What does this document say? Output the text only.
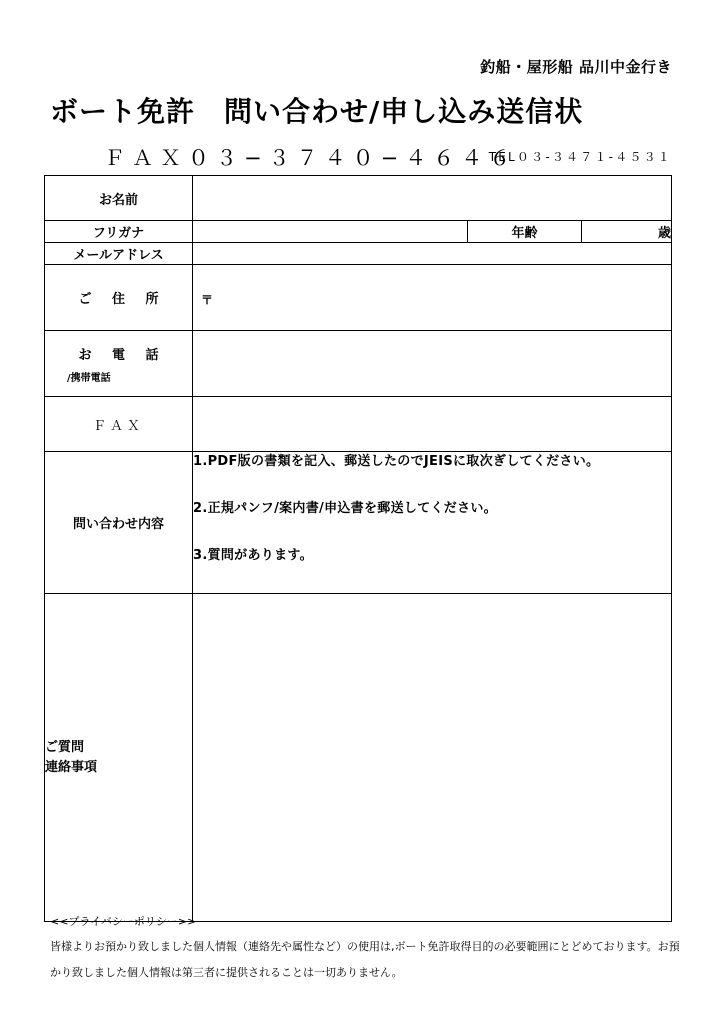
釣船・屋形船 品川中金行き
ボート免許　問い合わせ/申し込み送信状
ＦＡＸ０３−３７４０−４６４６
TEL０３-３４７１-４５３１
お名前			
フリガナ		年齢	歳
メールアドレス			
ご 住 所	〒		

お 電 話
/携帯電話			

ＦＡＸ			
問い合わせ内容	1.PDF版の書類を記入、郵送したのでJEISに取次ぎしてください。
2.正規パンフ/案内書/申込書を郵送してください。
3.質問があります。		

ご質問
連絡事項			

<<プライバシーポリシー>>
皆様よりお預かり致しました個人情報（連絡先や属性など）の使用は,ボート免許取得目的の必要範囲にとどめております。お預かり致しました個人情報は第三者に提供されることは一切ありません。
